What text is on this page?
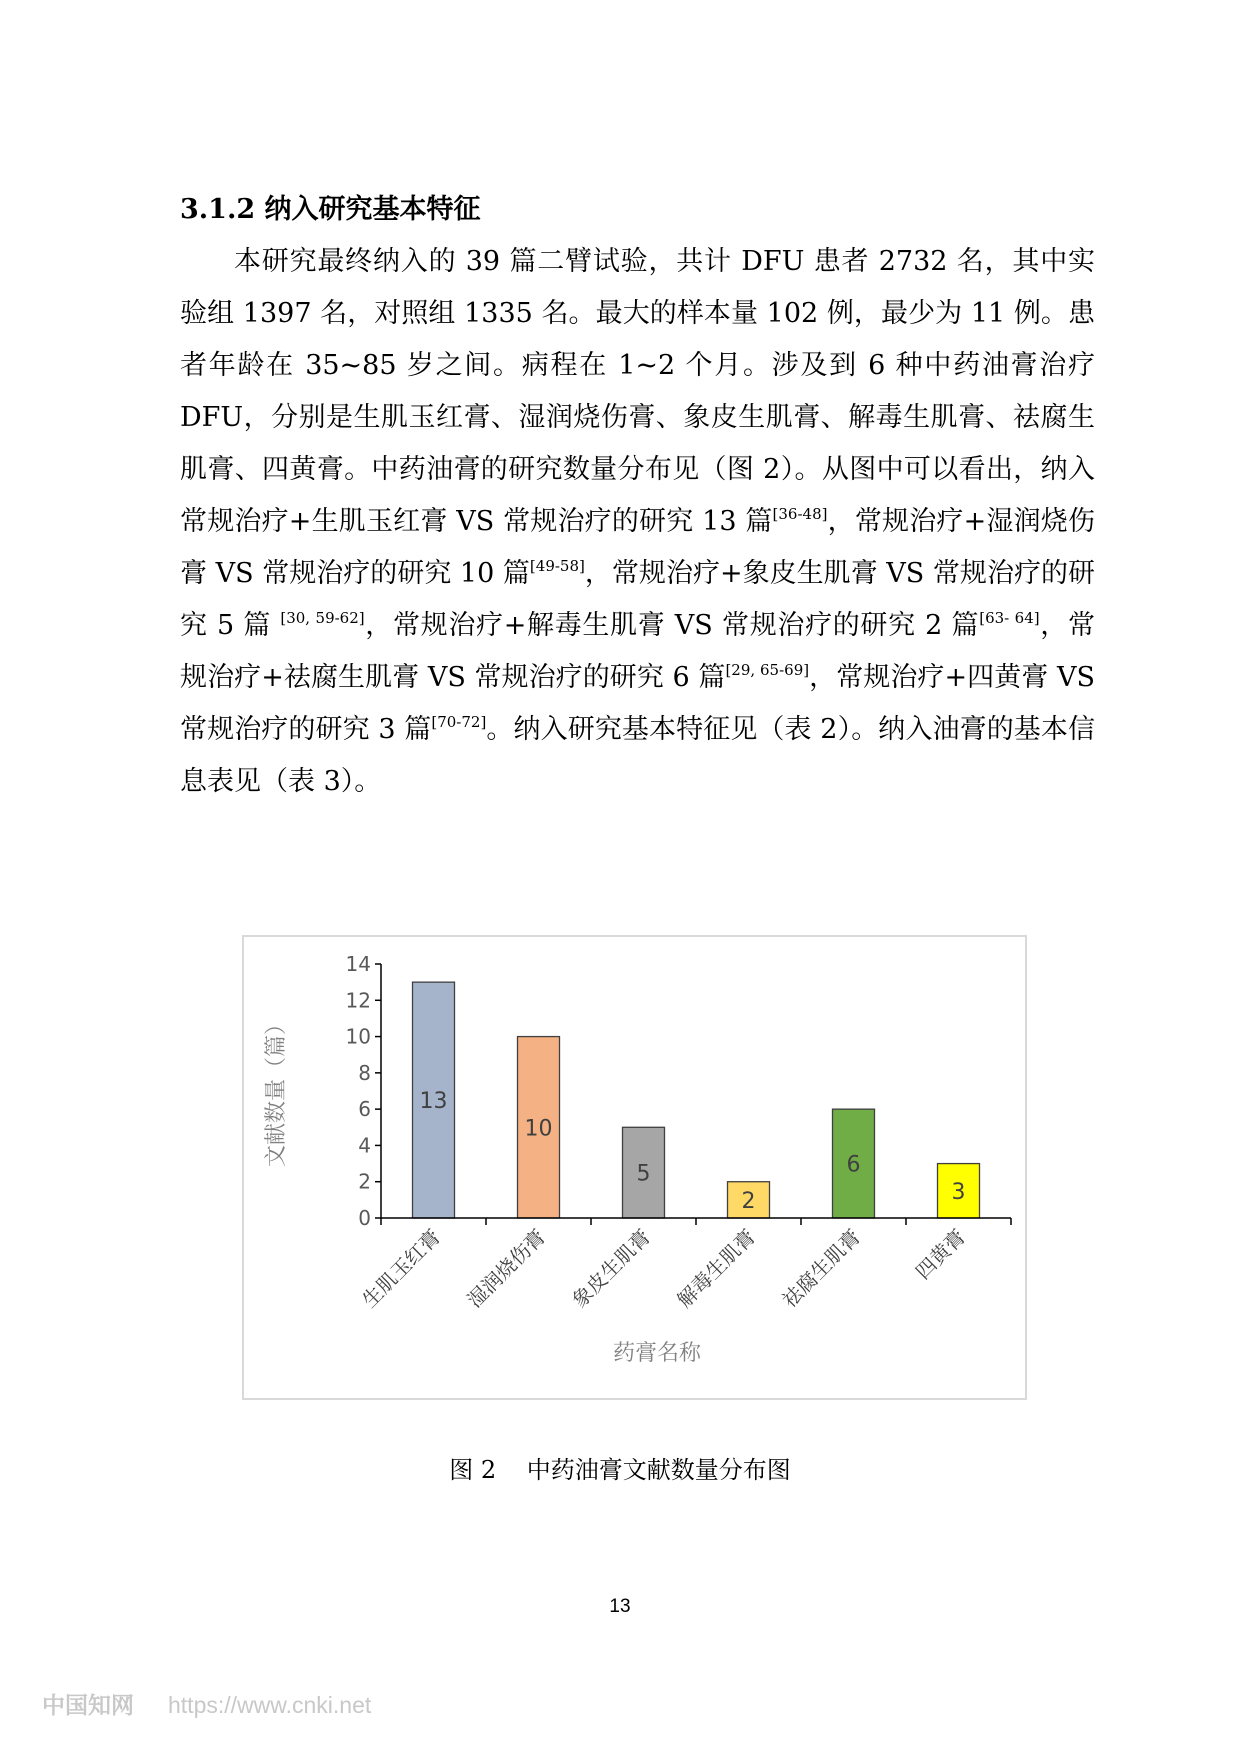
3.1.2 纳入研究基本特征

本研究最终纳入的 39 篇二臂试验，共计 DFU 患者 2732 名，其中实验组 1397 名，对照组 1335 名。最大的样本量 102 例，最少为 11 例。患者年龄在 35~85 岁之间。病程在 1~2 个月。涉及到 6 种中药油膏治疗 DFU，分别是生肌玉红膏、湿润烧伤膏、象皮生肌膏、解毒生肌膏、祛腐生肌膏、四黄膏。中药油膏的研究数量分布见（图 2）。从图中可以看出，纳入常规治疗+生肌玉红膏 VS 常规治疗的研究 13 篇[36-48]，常规治疗+湿润烧伤膏 VS 常规治疗的研究 10 篇[49-58]，常规治疗+象皮生肌膏 VS 常规治疗的研究 5 篇 [30, 59-62]，常规治疗+解毒生肌膏 VS 常规治疗的研究 2 篇[63- 64]，常规治疗+祛腐生肌膏 VS 常规治疗的研究 6 篇[29, 65-69]，常规治疗+四黄膏 VS 常规治疗的研究 3 篇[70-72]。纳入研究基本特征见（表 2）。纳入油膏的基本信息表见（表 3）。

0
2
4
6
8
10
12
14
13
10
5
2
6
3
生肌玉红膏 湿润烧伤膏 象皮生肌膏 解毒生肌膏 祛腐生肌膏 四黄膏
药膏名称
文献数量（篇）
图 2    中药油膏文献数量分布图
13
中国知网 https://www.cnki.net
